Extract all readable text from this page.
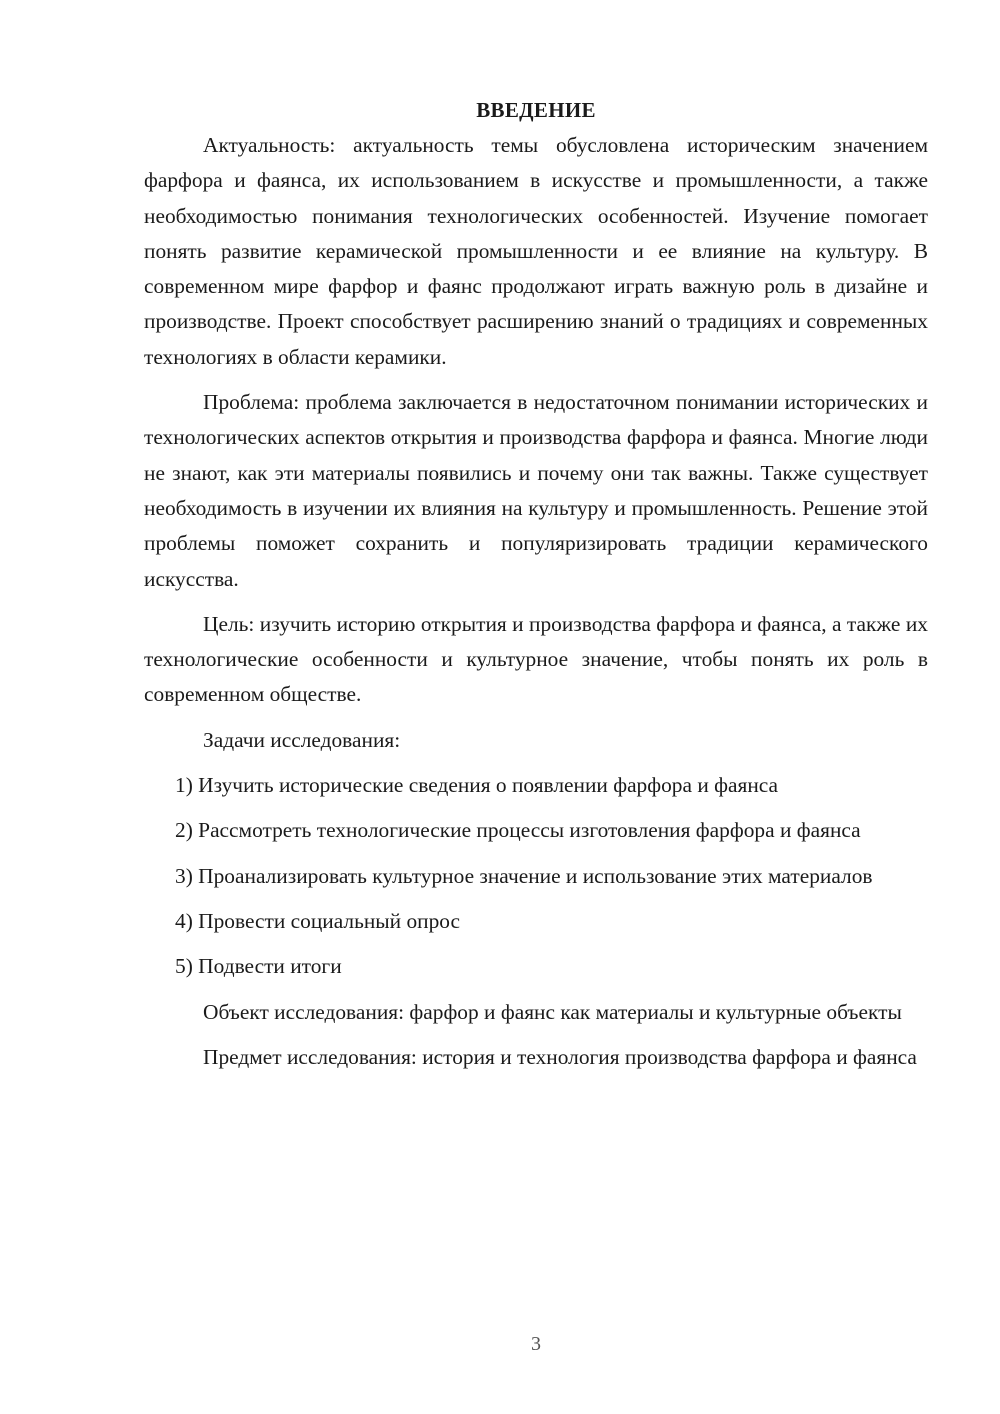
ВВЕДЕНИЕ

Актуальность: актуальность темы обусловлена историческим значением фарфора и фаянса, их использованием в искусстве и промышленности, а также необходимостью понимания технологических особенностей. Изучение помогает понять развитие керамической промышленности и ее влияние на культуру. В современном мире фарфор и фаянс продолжают играть важную роль в дизайне и производстве. Проект способствует расширению знаний о традициях и современных технологиях в области керамики.

Проблема: проблема заключается в недостаточном понимании исторических и технологических аспектов открытия и производства фарфора и фаянса. Многие люди не знают, как эти материалы появились и почему они так важны. Также существует необходимость в изучении их влияния на культуру и промышленность. Решение этой проблемы поможет сохранить и популяризировать традиции керамического искусства.

Цель: изучить историю открытия и производства фарфора и фаянса, а также их технологические особенности и культурное значение, чтобы понять их роль в современном обществе.

Задачи исследования:

1) Изучить исторические сведения о появлении фарфора и фаянса

2) Рассмотреть технологические процессы изготовления фарфора и фаянса

3) Проанализировать культурное значение и использование этих материалов

4) Провести социальный опрос

5) Подвести итоги

Объект исследования: фарфор и фаянс как материалы и культурные объекты

Предмет исследования: история и технология производства фарфора и фаянса

3
